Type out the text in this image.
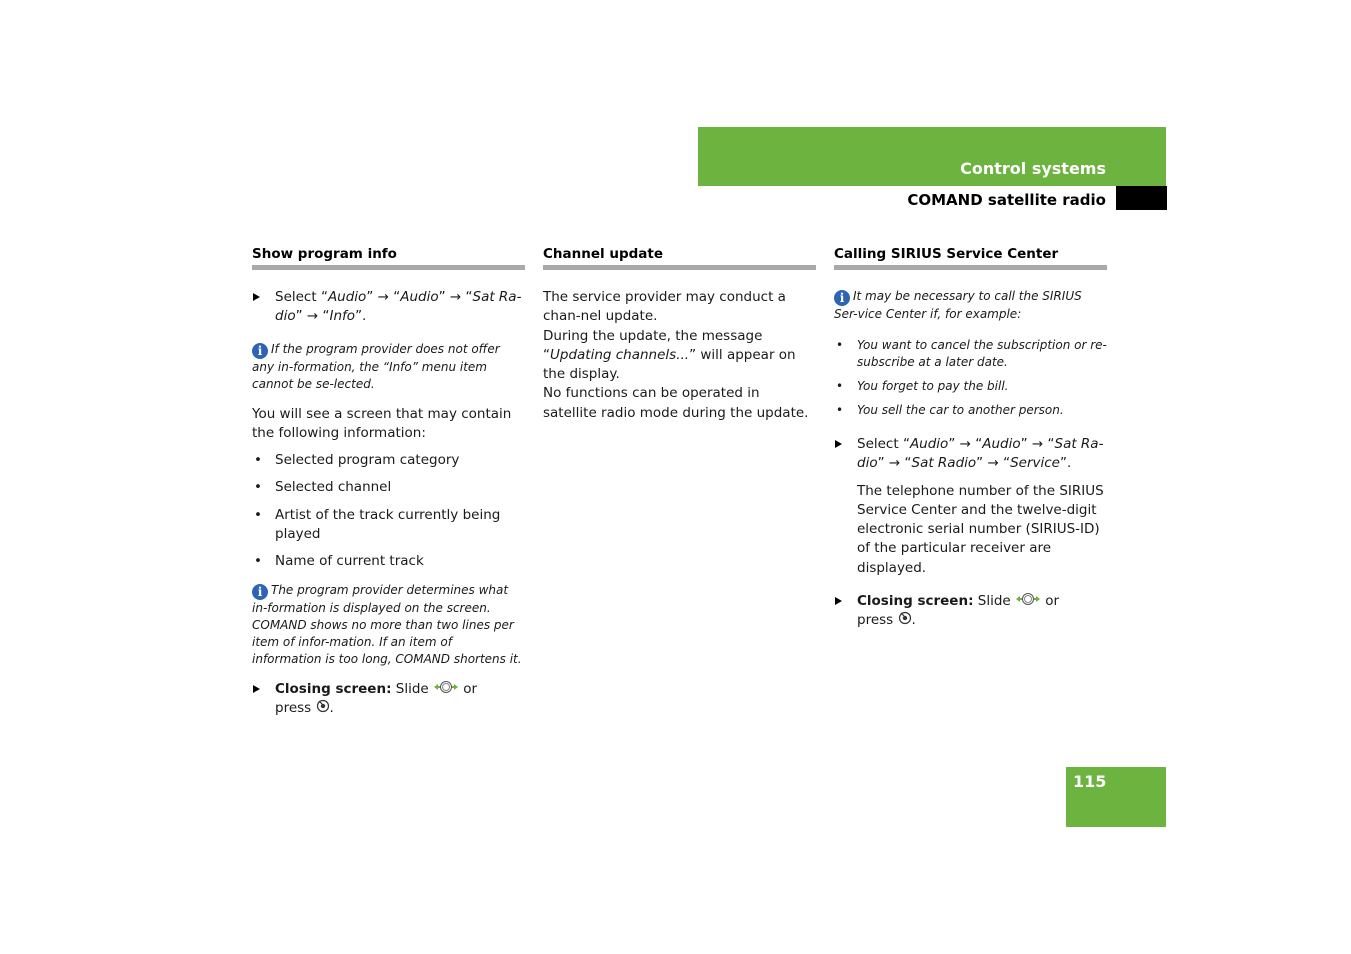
Control systems
COMAND satellite radio
Show program info
Select “Audio” → “Audio” → “Sat Ra-dio” → “Info”.
i If the program provider does not offer any in-formation, the “Info” menu item cannot be se-lected.
You will see a screen that may contain the following information:
• Selected program category
• Selected channel
• Artist of the track currently being played
• Name of current track
i The program provider determines what in-formation is displayed on the screen. COMAND shows no more than two lines per item of infor-mation. If an item of information is too long, COMAND shortens it.
Closing screen: Slide  or
press .
Channel update
The service provider may conduct a chan-nel update.
During the update, the message “Updating channels...” will appear on the display.
No functions can be operated in satellite radio mode during the update.
Calling SIRIUS Service Center
i It may be necessary to call the SIRIUS Ser-vice Center if, for example:
• You want to cancel the subscription or re-subscribe at a later date.
• You forget to pay the bill.
• You sell the car to another person.
Select “Audio” → “Audio” → “Sat Ra-dio” → “Sat Radio” → “Service”.
The telephone number of the SIRIUS Service Center and the twelve-digit electronic serial number (SIRIUS-ID) of the particular receiver are displayed.
Closing screen: Slide  or
press .
115
